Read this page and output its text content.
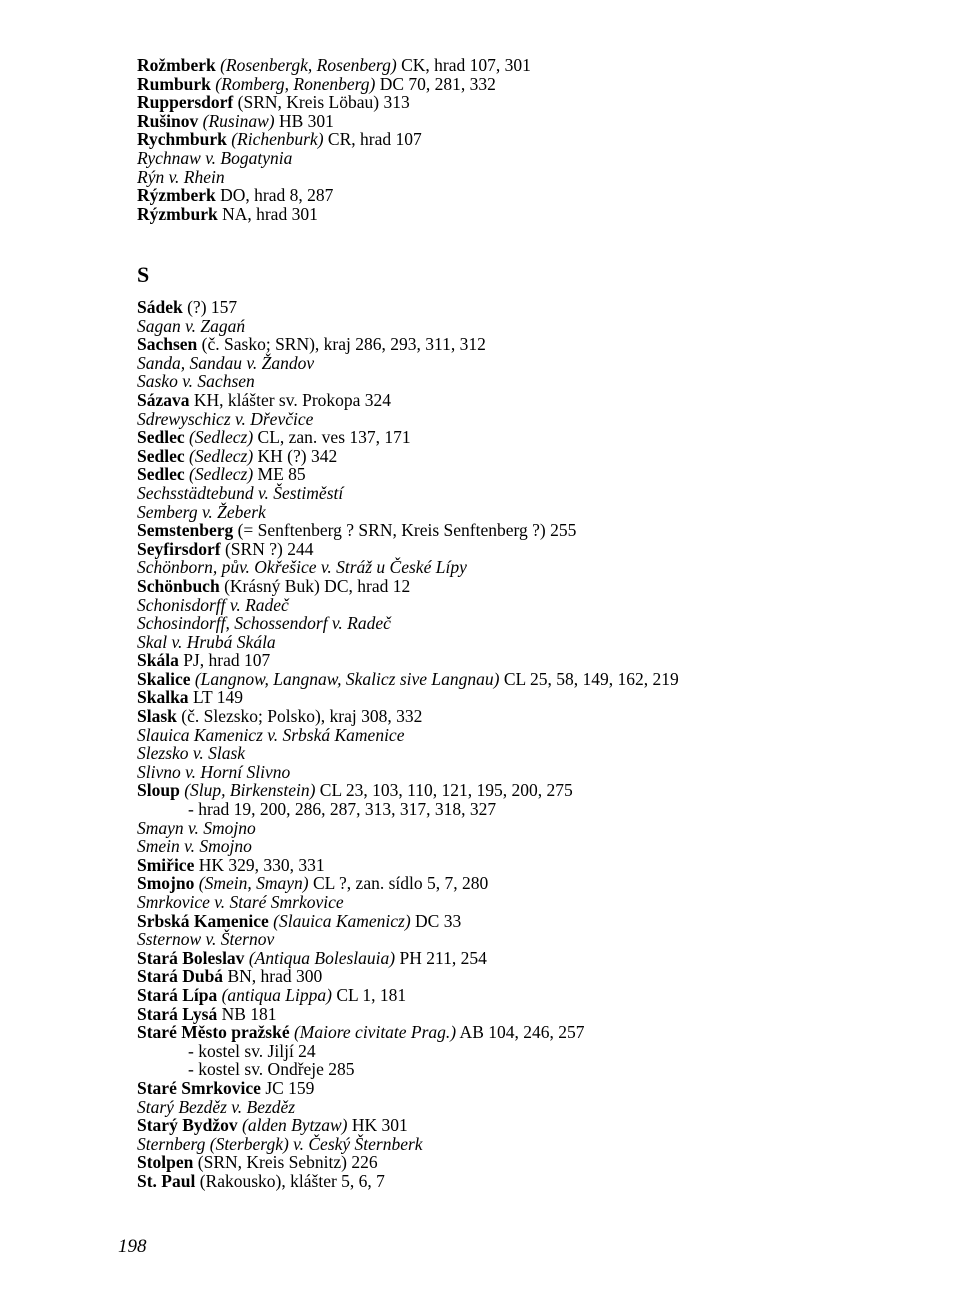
Rožmberk (Rosenbergk, Rosenberg) CK, hrad 107, 301
Rumburk (Romberg, Ronenberg) DC 70, 281, 332
Ruppersdorf (SRN, Kreis Löbau) 313
Rušinov (Rusinaw) HB 301
Rychmburk (Richenburk) CR, hrad 107
Rychnaw v. Bogatynia
Rýn v. Rhein
Rýzmberk DO, hrad 8, 287
Rýzmburk NA, hrad 301
S
Sádek (?) 157
Sagan v. Zagań
Sachsen (č. Sasko; SRN), kraj 286, 293, 311, 312
Sanda, Sandau v. Žandov
Sasko v. Sachsen
Sázava KH, klášter sv. Prokopa 324
Sdrewyschicz v. Dřevčice
Sedlec (Sedlecz) CL, zan. ves 137, 171
Sedlec (Sedlecz) KH (?) 342
Sedlec (Sedlecz) ME 85
Sechsstädtebund v. Šestiměstí
Semberg v. Žeberk
Semstenberg (= Senftenberg ? SRN, Kreis Senftenberg ?) 255
Seyfirsdorf (SRN ?) 244
Schönborn, pův. Okřešice v. Stráž u České Lípy
Schönbuch (Krásný Buk) DC, hrad 12
Schonisdorff v. Radeč
Schosindorff, Schossendorf v. Radeč
Skal v. Hrubá Skála
Skála PJ, hrad 107
Skalice (Langnow, Langnaw, Skalicz sive Langnau) CL 25, 58, 149, 162, 219
Skalka LT 149
Slask (č. Slezsko; Polsko), kraj 308, 332
Slauica Kamenicz v. Srbská Kamenice
Slezsko v. Slask
Slivno v. Horní Slivno
Sloup (Slup, Birkenstein) CL 23, 103, 110, 121, 195, 200, 275
- hrad 19, 200, 286, 287, 313, 317, 318, 327
Smayn v. Smojno
Smein v. Smojno
Smiřice HK 329, 330, 331
Smojno (Smein, Smayn) CL ?, zan. sídlo 5, 7, 280
Smrkovice v. Staré Smrkovice
Srbská Kamenice (Slauica Kamenicz) DC 33
Ssternow v. Šternov
Stará Boleslav (Antiqua Boleslauia) PH 211, 254
Stará Dubá BN, hrad 300
Stará Lípa (antiqua Lippa) CL 1, 181
Stará Lysá NB 181
Staré Město pražské (Maiore civitate Prag.) AB 104, 246, 257
- kostel sv. Jiljí 24
- kostel sv. Ondřeje 285
Staré Smrkovice JC 159
Starý Bezděz v. Bezděz
Starý Bydžov (alden Bytzaw) HK 301
Sternberg (Sterbergk) v. Český Šternberk
Stolpen (SRN, Kreis Sebnitz) 226
St. Paul (Rakousko), klášter 5, 6, 7
198
